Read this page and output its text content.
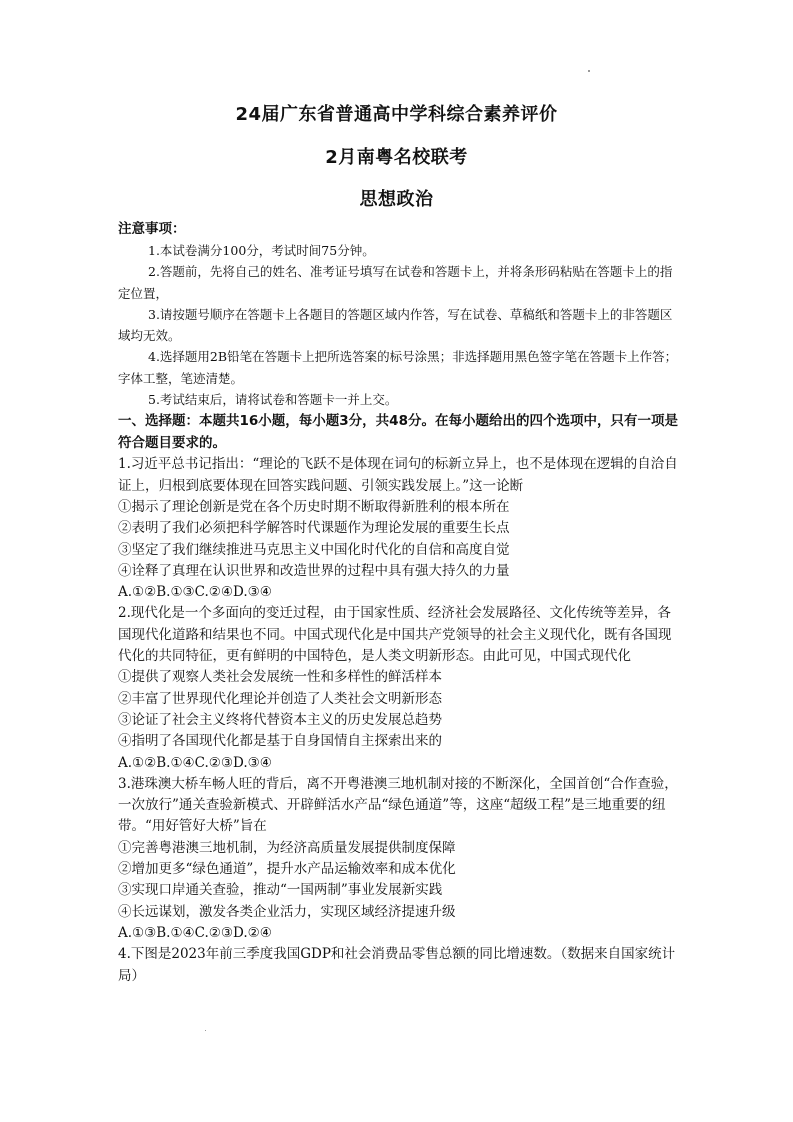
24届广东省普通高中学科综合素养评价
2月南粤名校联考
思想政治

注意事项：

1.本试卷满分100分，考试时间75分钟。

2.答题前，先将自己的姓名、准考证号填写在试卷和答题卡上，并将条形码粘贴在答题卡上的指定位置，

3.请按题号顺序在答题卡上各题目的答题区域内作答，写在试卷、草稿纸和答题卡上的非答题区域均无效。

4.选择题用2B铅笔在答题卡上把所选答案的标号涂黑；非选择题用黑色签字笔在答题卡上作答；字体工整，笔迹清楚。

5.考试结束后，请将试卷和答题卡一并上交。

一、选择题：本题共16小题，每小题3分，共48分。在每小题给出的四个选项中，只有一项是符合题目要求的。

1.习近平总书记指出：“理论的飞跃不是体现在词句的标新立异上，也不是体现在逻辑的自洽自证上，归根到底要体现在回答实践问题、引领实践发展上。”这一论断

①揭示了理论创新是党在各个历史时期不断取得新胜利的根本所在

②表明了我们必须把科学解答时代课题作为理论发展的重要生长点

③坚定了我们继续推进马克思主义中国化时代化的自信和高度自觉

④诠释了真理在认识世界和改造世界的过程中具有强大持久的力量

A.①②B.①③C.②④D.③④

2.现代化是一个多面向的变迁过程，由于国家性质、经济社会发展路径、文化传统等差异，各国现代化道路和结果也不同。中国式现代化是中国共产党领导的社会主义现代化，既有各国现代化的共同特征，更有鲜明的中国特色，是人类文明新形态。由此可见，中国式现代化

①提供了观察人类社会发展统一性和多样性的鲜活样本

②丰富了世界现代化理论并创造了人类社会文明新形态

③论证了社会主义终将代替资本主义的历史发展总趋势

④指明了各国现代化都是基于自身国情自主探索出来的

A.①②B.①④C.②③D.③④

3.港珠澳大桥车畅人旺的背后，离不开粤港澳三地机制对接的不断深化，全国首创“合作查验，一次放行”通关查验新模式、开辟鲜活水产品“绿色通道”等，这座“超级工程”是三地重要的纽带。“用好管好大桥”旨在

①完善粤港澳三地机制，为经济高质量发展提供制度保障

②增加更多“绿色通道”，提升水产品运输效率和成本优化

③实现口岸通关查验，推动“一国两制”事业发展新实践

④长远谋划，激发各类企业活力，实现区域经济提速升级

A.①③B.①④C.②③D.②④

4.下图是2023年前三季度我国GDP和社会消费品零售总额的同比增速数。（数据来自国家统计局）
